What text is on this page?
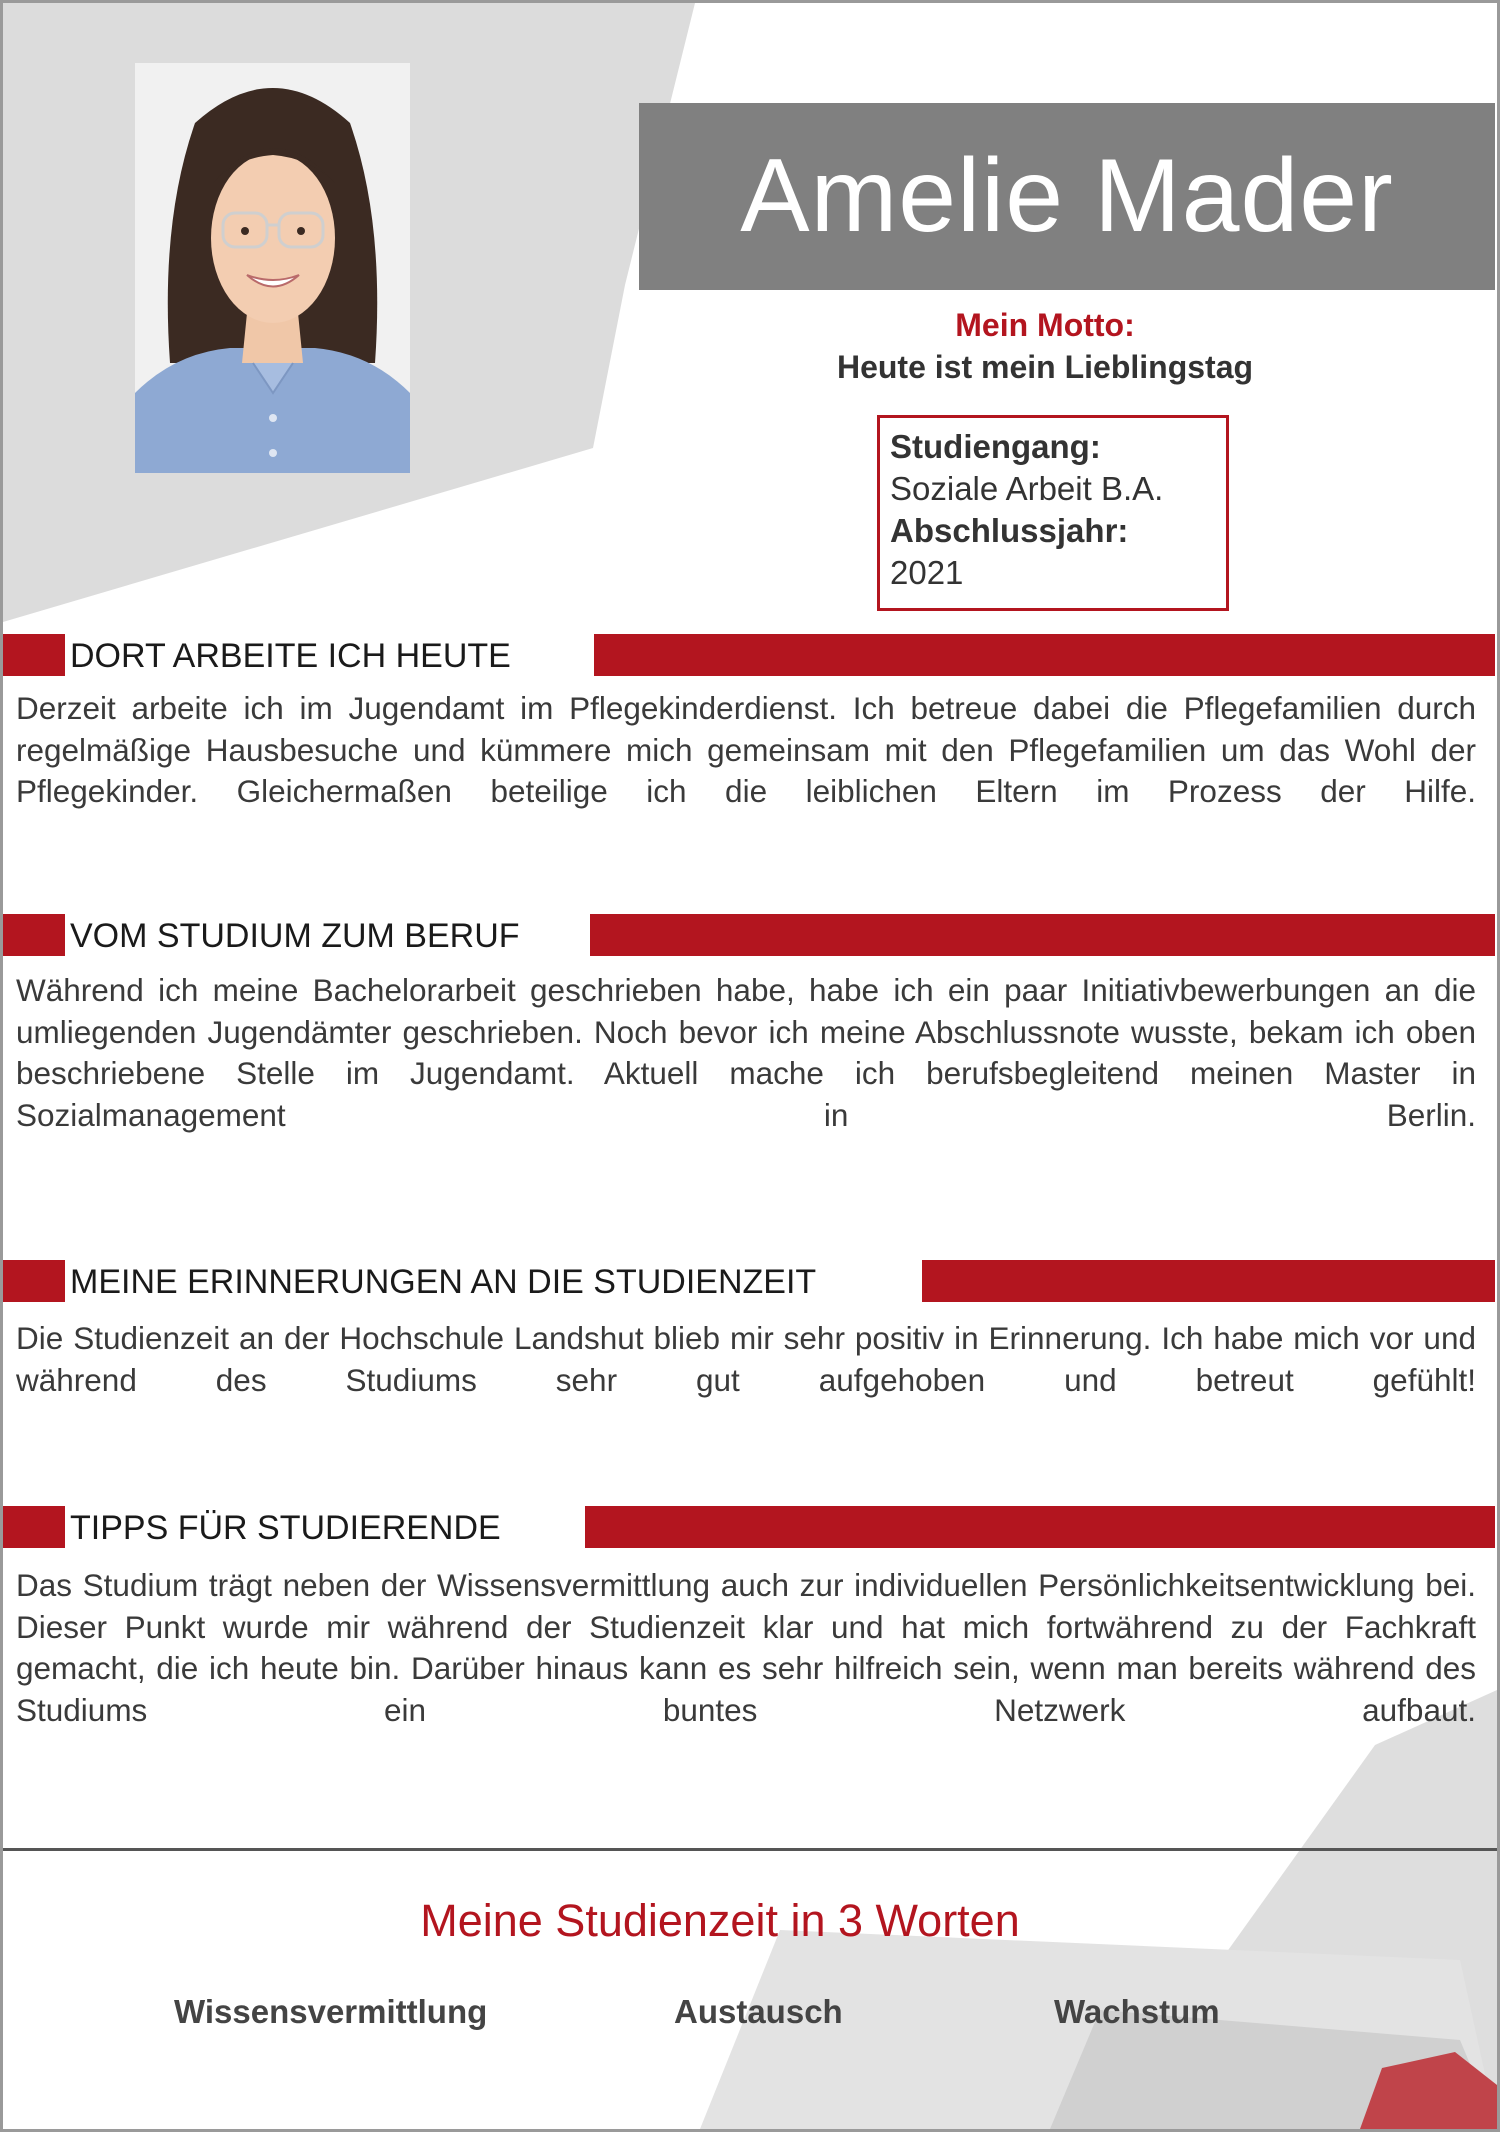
Amelie Mader
Mein Motto:
Heute ist mein Lieblingstag
Studiengang:
Soziale Arbeit B.A.
Abschlussjahr:
2021
DORT ARBEITE ICH HEUTE
Derzeit arbeite ich im Jugendamt im Pflegekinderdienst. Ich betreue dabei die Pflegefamilien durch regelmäßige Hausbesuche und kümmere mich gemeinsam mit den Pflegefamilien um das Wohl der Pflegekinder. Gleichermaßen beteilige ich die leiblichen Eltern im Prozess der Hilfe.
VOM STUDIUM ZUM BERUF
Während ich meine Bachelorarbeit geschrieben habe, habe ich ein paar Initiativbewerbungen an die umliegenden Jugendämter geschrieben. Noch bevor ich meine Abschlussnote wusste, bekam ich oben beschriebene Stelle im Jugendamt. Aktuell mache ich berufsbegleitend meinen Master in Sozialmanagement in Berlin.
MEINE ERINNERUNGEN AN DIE STUDIENZEIT
Die Studienzeit an der Hochschule Landshut blieb mir sehr positiv in Erinnerung. Ich habe mich vor und während des Studiums sehr gut aufgehoben und betreut gefühlt!
TIPPS FÜR STUDIERENDE
Das Studium trägt neben der Wissensvermittlung auch zur individuellen Persönlichkeitsentwicklung bei. Dieser Punkt wurde mir während der Studienzeit klar und hat mich fortwährend zu der Fachkraft gemacht, die ich heute bin. Darüber hinaus kann es sehr hilfreich sein, wenn man bereits während des Studiums ein buntes Netzwerk aufbaut.
Meine Studienzeit in 3 Worten
Wissensvermittlung	Austausch	Wachstum
